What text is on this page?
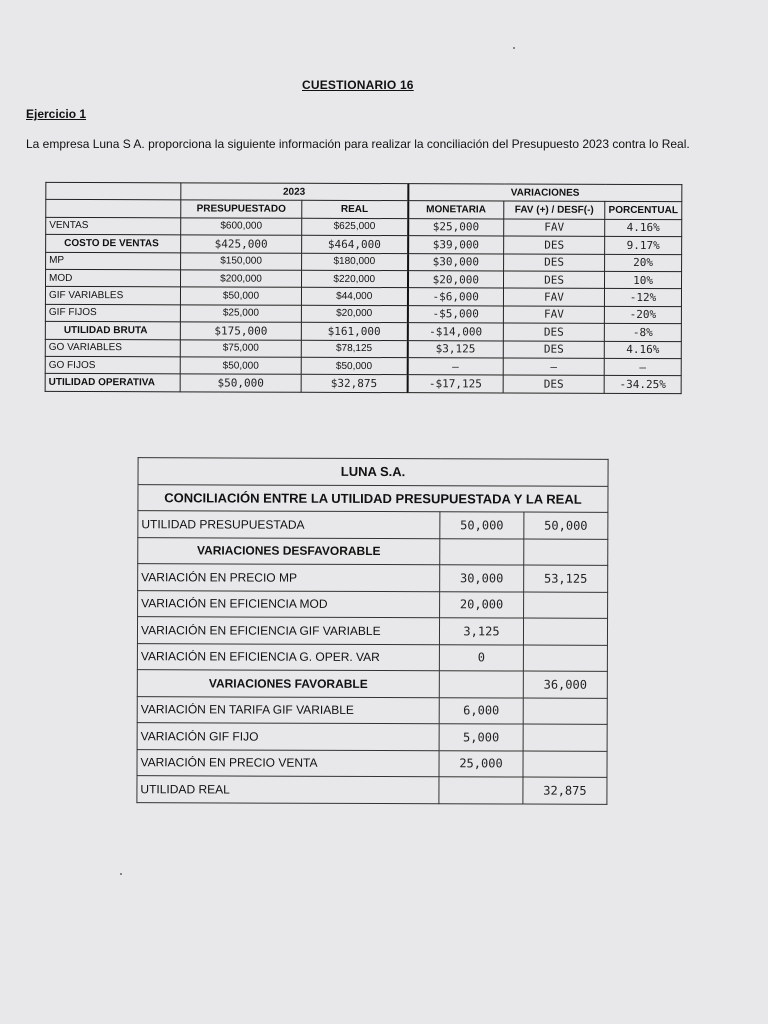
CUESTIONARIO 16
Ejercicio 1
La empresa Luna S A. proporciona la siguiente información para realizar la conciliación del Presupuesto 2023 contra lo Real.
	2023		VARIACIONES		
	PRESUPUESTADO	REAL	MONETARIA	FAV (+) / DESF(-)	PORCENTUAL
VENTAS	$600,000	$625,000	$25,000	FAV	4.16%
COSTO DE VENTAS	$425,000	$464,000	$39,000	DES	9.17%
MP	$150,000	$180,000	$30,000	DES	20%
MOD	$200,000	$220,000	$20,000	DES	10%
GIF VARIABLES	$50,000	$44,000	-$6,000	FAV	-12%
GIF FIJOS	$25,000	$20,000	-$5,000	FAV	-20%
UTILIDAD BRUTA	$175,000	$161,000	-$14,000	DES	-8%
GO VARIABLES	$75,000	$78,125	$3,125	DES	4.16%
GO FIJOS	$50,000	$50,000	—	—	—
UTILIDAD OPERATIVA	$50,000	$32,875	-$17,125	DES	-34.25%
LUNA S.A.		
CONCILIACIÓN ENTRE LA UTILIDAD PRESUPUESTADA Y LA REAL		
UTILIDAD PRESUPUESTADA	50,000	50,000
VARIACIONES DESFAVORABLE		
VARIACIÓN EN PRECIO MP	30,000	53,125
VARIACIÓN EN EFICIENCIA MOD	20,000	
VARIACIÓN EN EFICIENCIA GIF VARIABLE	3,125	
VARIACIÓN EN EFICIENCIA G. OPER. VAR	0	
VARIACIONES FAVORABLE		36,000
VARIACIÓN EN TARIFA GIF VARIABLE	6,000	
VARIACIÓN GIF FIJO	5,000	
VARIACIÓN EN PRECIO VENTA	25,000	
UTILIDAD REAL		32,875
